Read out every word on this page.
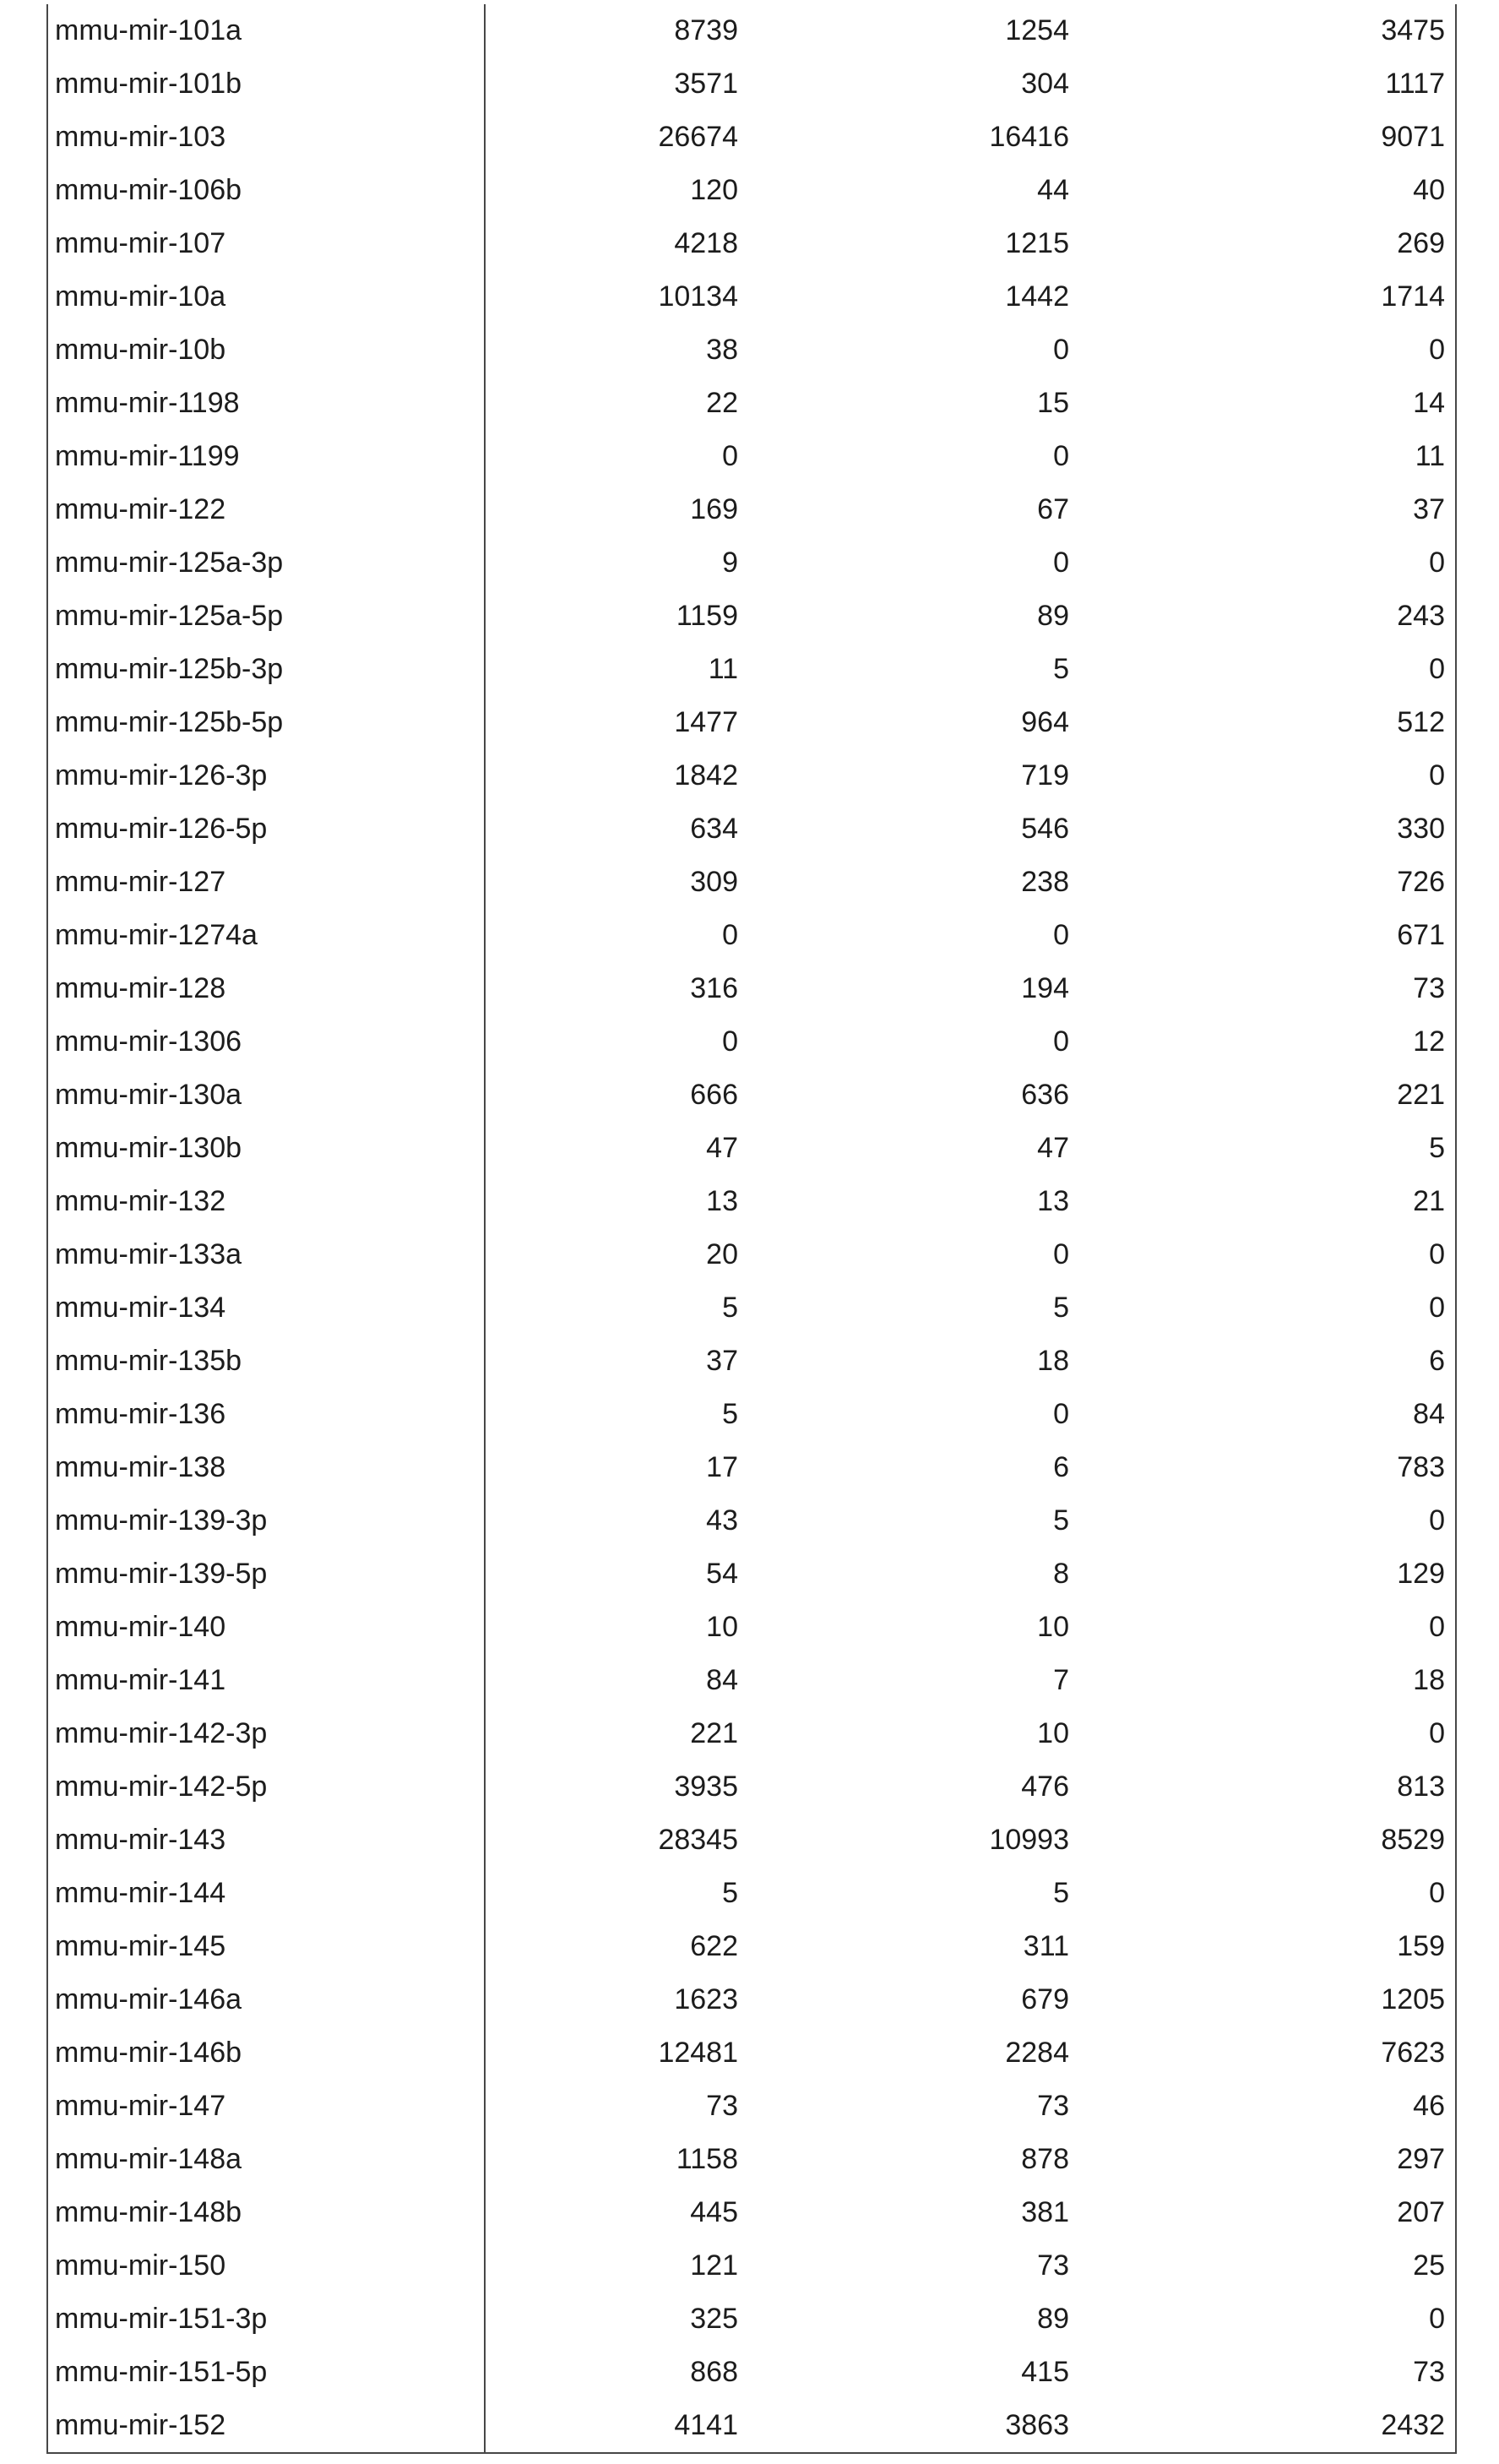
mmu-mir-101a	8739	1254	3475
mmu-mir-101b	3571	304	1117
mmu-mir-103	26674	16416	9071
mmu-mir-106b	120	44	40
mmu-mir-107	4218	1215	269
mmu-mir-10a	10134	1442	1714
mmu-mir-10b	38	0	0
mmu-mir-1198	22	15	14
mmu-mir-1199	0	0	11
mmu-mir-122	169	67	37
mmu-mir-125a-3p	9	0	0
mmu-mir-125a-5p	1159	89	243
mmu-mir-125b-3p	11	5	0
mmu-mir-125b-5p	1477	964	512
mmu-mir-126-3p	1842	719	0
mmu-mir-126-5p	634	546	330
mmu-mir-127	309	238	726
mmu-mir-1274a	0	0	671
mmu-mir-128	316	194	73
mmu-mir-1306	0	0	12
mmu-mir-130a	666	636	221
mmu-mir-130b	47	47	5
mmu-mir-132	13	13	21
mmu-mir-133a	20	0	0
mmu-mir-134	5	5	0
mmu-mir-135b	37	18	6
mmu-mir-136	5	0	84
mmu-mir-138	17	6	783
mmu-mir-139-3p	43	5	0
mmu-mir-139-5p	54	8	129
mmu-mir-140	10	10	0
mmu-mir-141	84	7	18
mmu-mir-142-3p	221	10	0
mmu-mir-142-5p	3935	476	813
mmu-mir-143	28345	10993	8529
mmu-mir-144	5	5	0
mmu-mir-145	622	311	159
mmu-mir-146a	1623	679	1205
mmu-mir-146b	12481	2284	7623
mmu-mir-147	73	73	46
mmu-mir-148a	1158	878	297
mmu-mir-148b	445	381	207
mmu-mir-150	121	73	25
mmu-mir-151-3p	325	89	0
mmu-mir-151-5p	868	415	73
mmu-mir-152	4141	3863	2432
